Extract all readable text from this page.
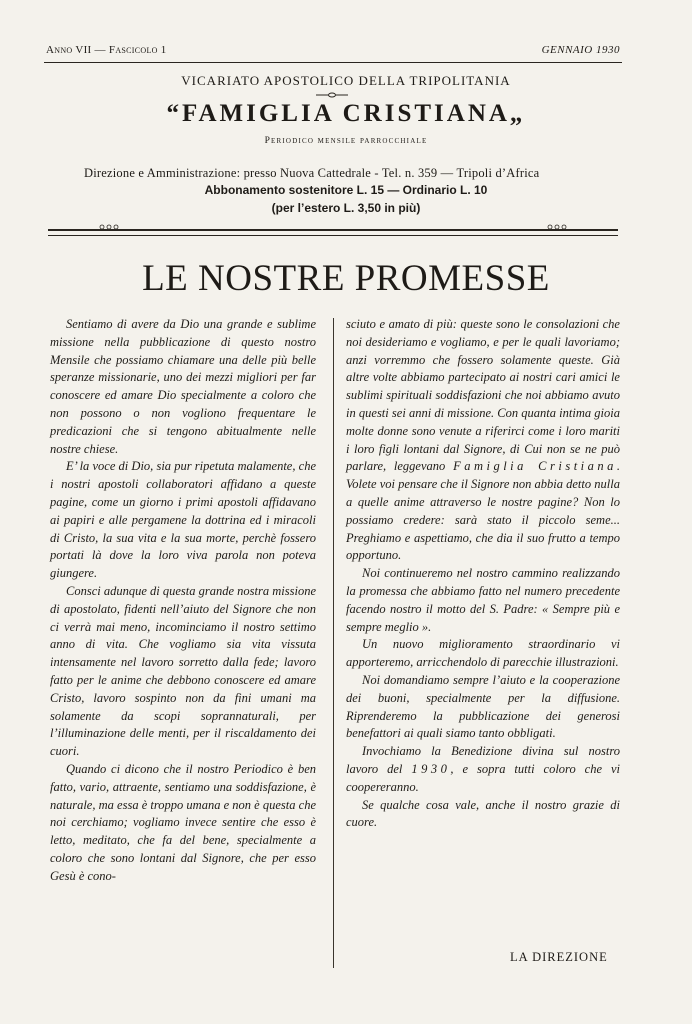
Anno VII — Fascicolo 1	GENNAIO 1930
VICARIATO APOSTOLICO DELLA TRIPOLITANIA
“FAMIGLIA CRISTIANA„
Periodico mensile parrocchiale
Direzione e Amministrazione: presso Nuova Cattedrale - Tel. n. 359 — Tripoli d’Africa
Abbonamento sostenitore L. 15 — Ordinario L. 10
(per l’estero L. 3,50 in più)
LE NOSTRE PROMESSE

Sentiamo di avere da Dio una grande e sublime missione nella pubblicazione di questo nostro Mensile che possiamo chiamare una delle più belle speranze missionarie, uno dei mezzi migliori per far conoscere ed amare Dio specialmente a coloro che non possono o non vogliono frequentare le predicazioni che si tengono abitualmente nelle nostre chiese.

E’ la voce di Dio, sia pur ripetuta malamente, che i nostri apostoli collaboratori affidano a queste pagine, come un giorno i primi apostoli affidavano ai papiri e alle pergamene la dottrina ed i miracoli di Cristo, la sua vita e la sua morte, perchè fossero portati là dove la loro viva parola non poteva giungere.

Consci adunque di questa grande nostra missione di apostolato, fidenti nell’aiuto del Signore che non ci verrà mai meno, incominciamo il nostro settimo anno di vita. Che vogliamo sia vita vissuta intensamente nel lavoro sorretto dalla fede; lavoro fatto per le anime che debbono conoscere ed amare Cristo, lavoro sospinto non da fini umani ma solamente da scopi soprannaturali, per l’illuminazione delle menti, per il riscaldamento dei cuori.

Quando ci dicono che il nostro Periodico è ben fatto, vario, attraente, sentiamo una soddisfazione, è naturale, ma essa è troppo umana e non è questa che noi cerchiamo; vogliamo invece sentire che esso è letto, meditato, che fa del bene, specialmente a coloro che sono lontani dal Signore, che per esso Gesù è cono-

sciuto e amato di più: queste sono le consolazioni che noi desideriamo e vogliamo, e per le quali lavoriamo; anzi vorremmo che fossero solamente queste. Già altre volte abbiamo partecipato ai nostri cari amici le sublimi spirituali soddisfazioni che noi abbiamo avuto in questi sei anni di missione. Con quanta intima gioia molte donne sono venute a riferirci come i loro mariti i loro figli lontani dal Signore, di Cui non se ne può parlare, leggevano Famiglia Cristiana. Volete voi pensare che il Signore non abbia detto nulla a quelle anime attraverso le nostre pagine? Non lo possiamo credere: sarà stato il piccolo seme... Preghiamo e aspettiamo, che dia il suo frutto a tempo opportuno.

Noi continueremo nel nostro cammino realizzando la promessa che abbiamo fatto nel numero precedente facendo nostro il motto del S. Padre: « Sempre più e sempre meglio ».

Un nuovo miglioramento straordinario vi apporteremo, arricchendolo di parecchie illustrazioni.

Noi domandiamo sempre l’aiuto e la cooperazione dei buoni, specialmente per la diffusione. Riprenderemo la pubblicazione dei generosi benefattori ai quali siamo tanto obbligati.

Invochiamo la Benedizione divina sul nostro lavoro del 1930, e sopra tutti coloro che vi coopereranno.

Se qualche cosa vale, anche il nostro grazie di cuore.

LA DIREZIONE
